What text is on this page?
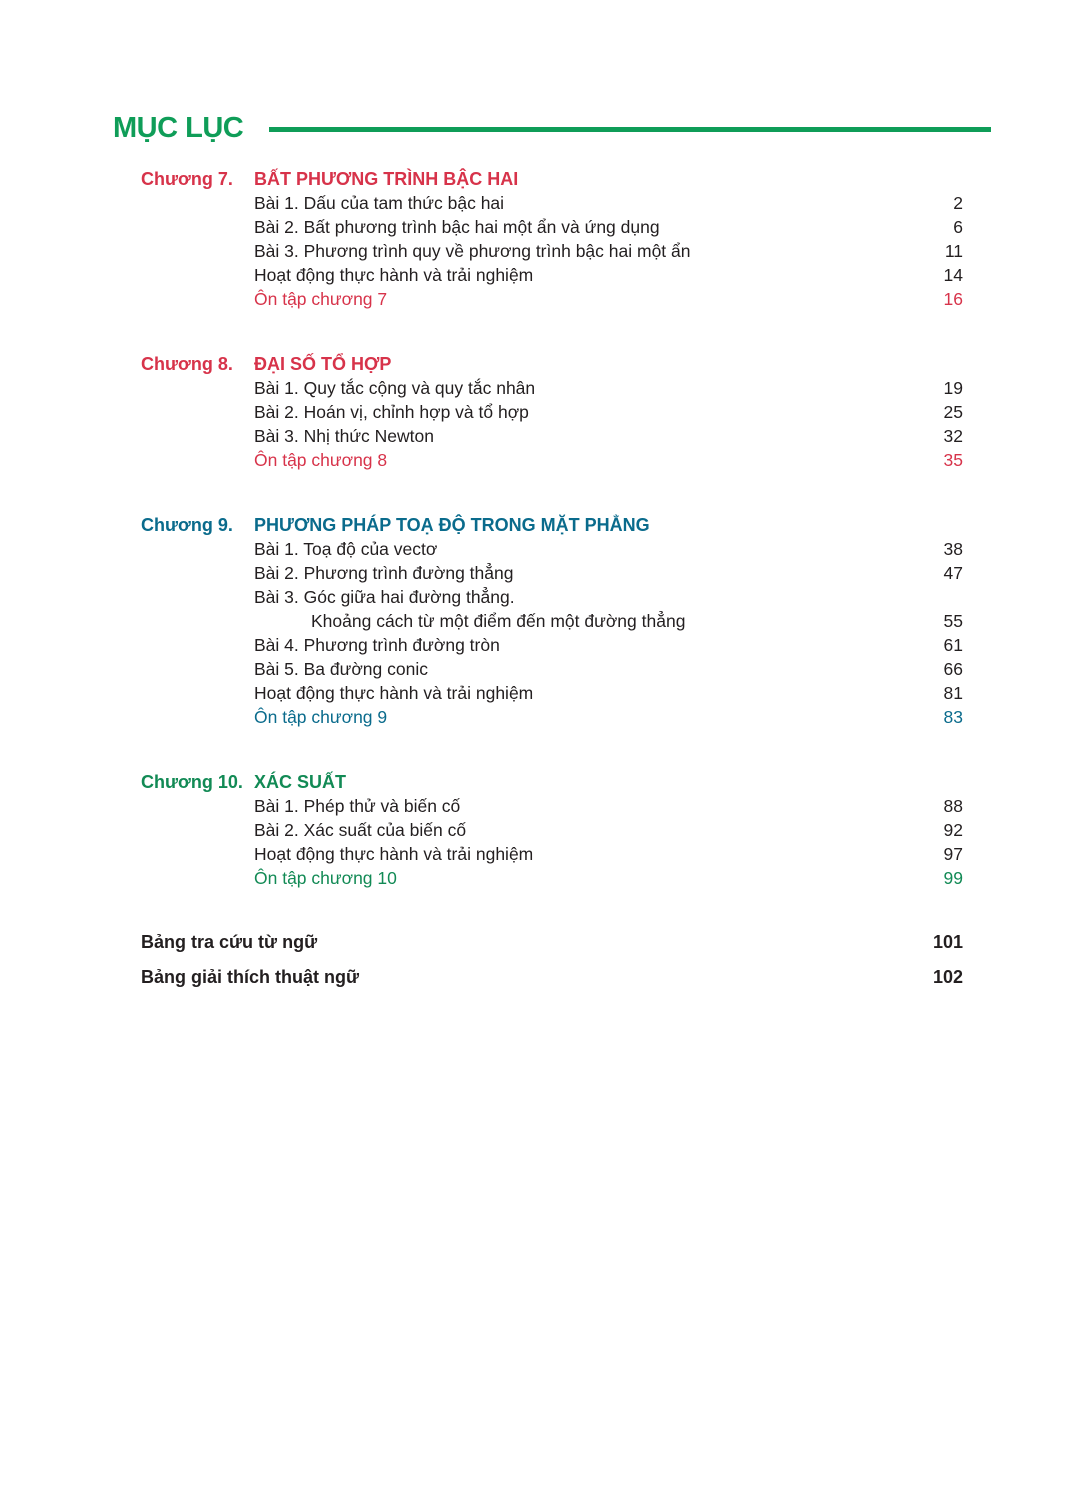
MỤC LỤC
Chương 7. BẤT PHƯƠNG TRÌNH BẬC HAI
Bài 1. Dấu của tam thức bậc hai	2
Bài 2. Bất phương trình bậc hai một ẩn và ứng dụng	6
Bài 3. Phương trình quy về phương trình bậc hai một ẩn	11
Hoạt động thực hành và trải nghiệm	14
Ôn tập chương 7	16
Chương 8. ĐẠI SỐ TỔ HỢP
Bài 1. Quy tắc cộng và quy tắc nhân	19
Bài 2. Hoán vị, chỉnh hợp và tổ hợp	25
Bài 3. Nhị thức Newton	32
Ôn tập chương 8	35
Chương 9. PHƯƠNG PHÁP TOẠ ĐỘ TRONG MẶT PHẲNG
Bài 1. Toạ độ của vectơ	38
Bài 2. Phương trình đường thẳng	47
Bài 3. Góc giữa hai đường thẳng.
Khoảng cách từ một điểm đến một đường thẳng	55
Bài 4. Phương trình đường tròn	61
Bài 5. Ba đường conic	66
Hoạt động thực hành và trải nghiệm	81
Ôn tập chương 9	83
Chương 10. XÁC SUẤT
Bài 1. Phép thử và biến cố	88
Bài 2. Xác suất của biến cố	92
Hoạt động thực hành và trải nghiệm	97
Ôn tập chương 10	99
Bảng tra cứu từ ngữ	101
Bảng giải thích thuật ngữ	102
